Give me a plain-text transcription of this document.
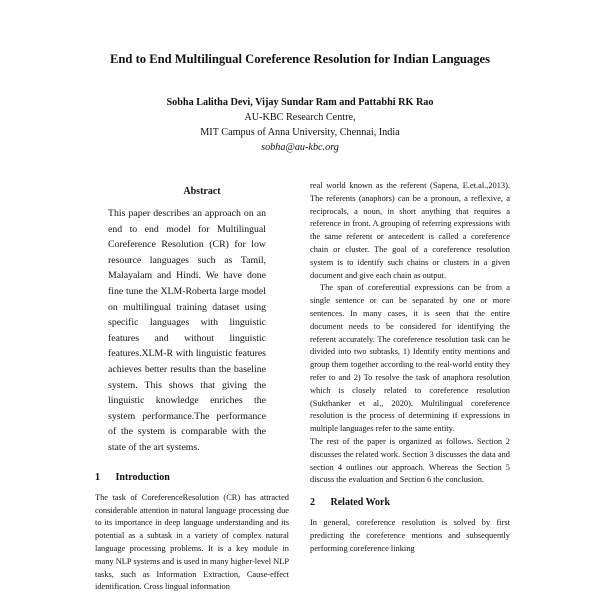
End to End Multilingual Coreference Resolution for Indian Languages
Sobha Lalitha Devi, Vijay Sundar Ram and Pattabhi RK Rao
AU-KBC Research Centre,
MIT Campus of Anna University, Chennai, India
sobha@au-kbc.org
Abstract
This paper describes an approach on an end to end model for Multilingual Coreference Resolution (CR) for low resource languages such as Tamil, Malayalam and Hindi. We have done fine tune the XLM-Roberta large model on multilingual training dataset using specific languages with linguistic features and without linguistic features.XLM-R with linguistic features achieves better results than the baseline system. This shows that giving the linguistic knowledge enriches the system performance.The performance of the system is comparable with the state of the art systems.
1 Introduction

The task of CoreferenceResolution (CR) has attracted considerable attention in natural language processing due to its importance in deep language understanding and its potential as a subtask in a variety of complex natural language processing problems. It is a key module in many NLP systems and is used in many higher-level NLP tasks, such as Information Extraction, Cause-effect identification. Cross lingual information

real world known as the referent (Sapena, E.et.al.,2013). The referents (anaphors) can be a pronoun, a reflexive, a reciprocals, a noun, in short anything that requires a reference in front. A grouping of referring expressions with the same referent or antecedent is called a coreference chain or cluster. The goal of a coreference resolution system is to identify such chains or clusters in a given document and give each chain as output.

The span of coreferential expressions can be from a single sentence or can be separated by one or more sentences. In many cases, it is seen that the entire document needs to be considered for identifying the referent accurately. The coreference resolution task can be divided into two subtasks, 1) Identify entity mentions and group them together according to the real-world entity they refer to and 2) To resolve the task of anaphora resolution which is closely related to coreference resolution (Sukthanker et al., 2020). Multilingual coreference resolution is the process of determining if expressions in multiple languages refer to the same entity.

The rest of the paper is organized as follows. Section 2 discusses the related work. Section 3 discusses the data and section 4 outlines our approach. Whereas the Section 5 discuss the evaluation and Section 6 the conclusion.

2 Related Work

In general, coreference resolution is solved by first predicting the coreference mentions and subsequently performing coreference linking
